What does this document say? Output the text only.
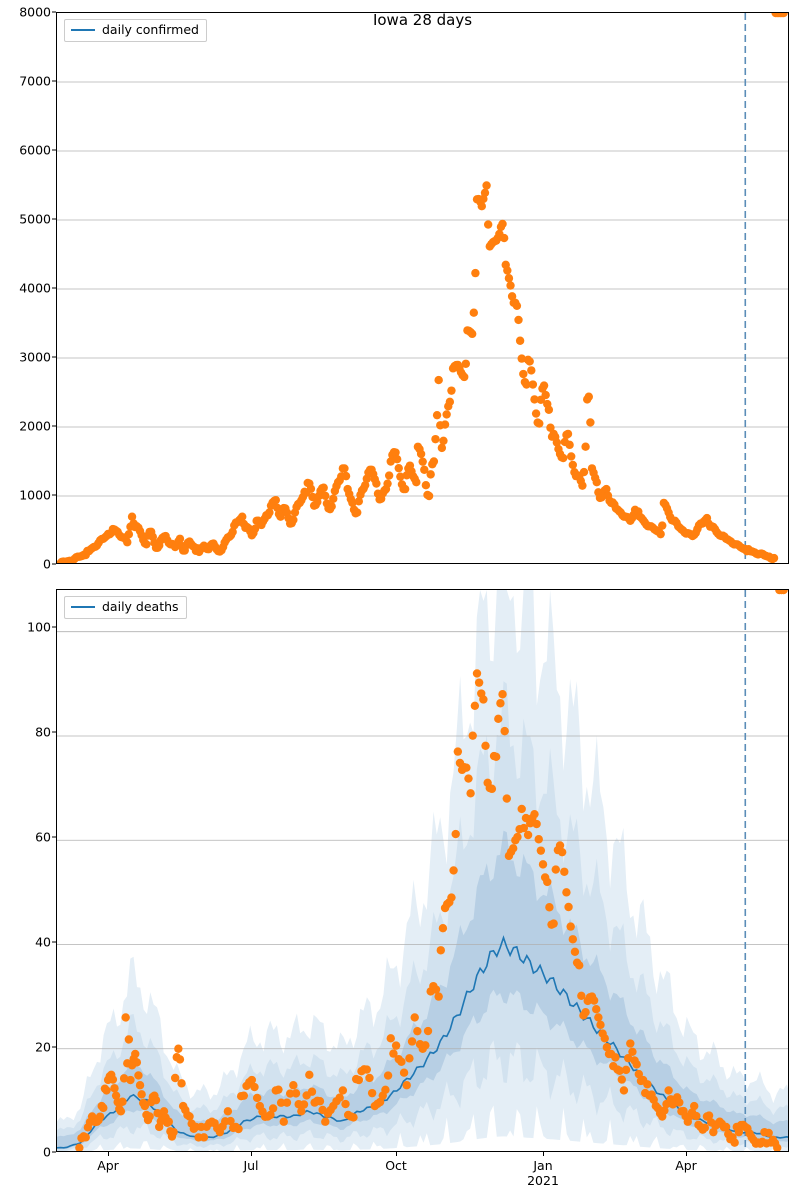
0
1000
2000
3000
4000
5000
6000
7000
8000	Iowa 28 days
daily confirmed
0
20
40
60
80
100
Apr	Jul	Oct	Jan
2021
Apr
daily deaths
